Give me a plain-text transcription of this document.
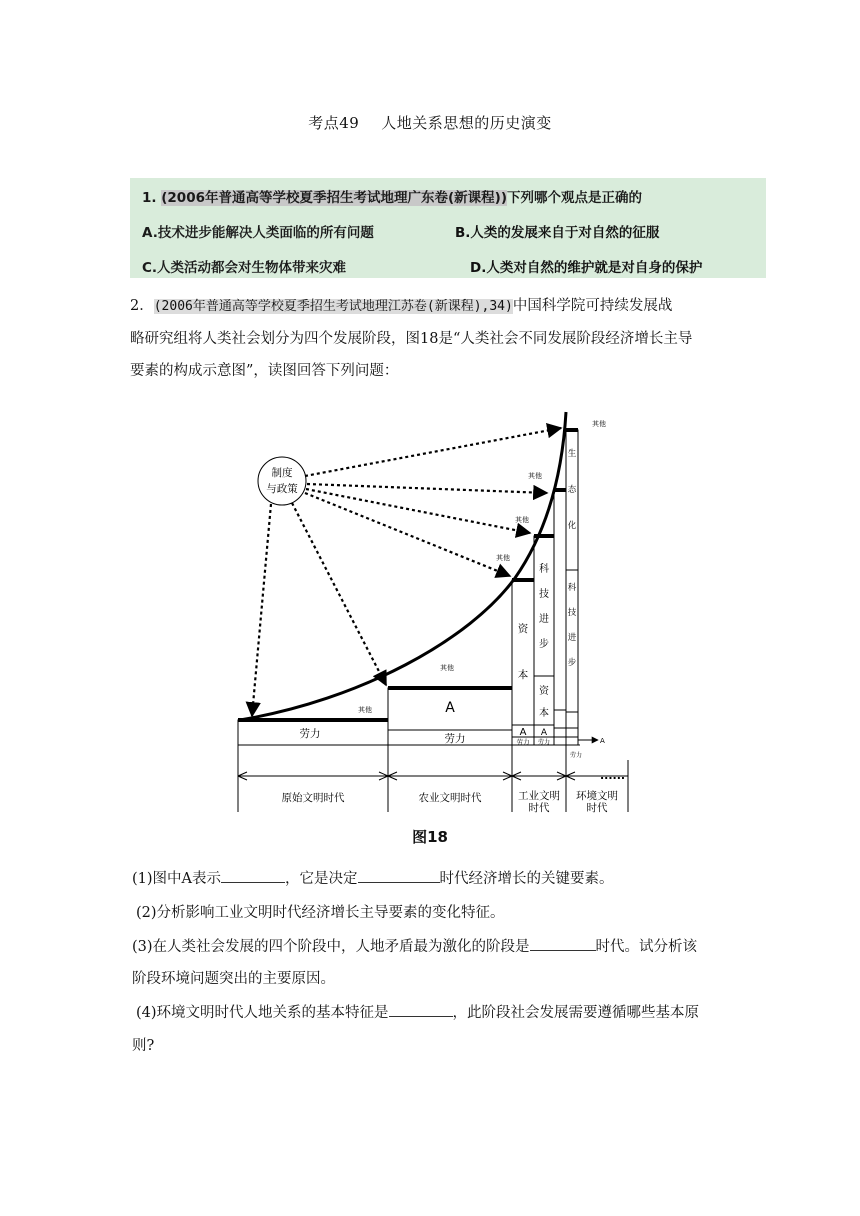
考点49 人地关系思想的历史演变
1. (2006年普通高等学校夏季招生考试地理广东卷(新课程))下列哪个观点是正确的
A.技术进步能解决人类面临的所有问题	B.人类的发展来自于对自然的征服
C.人类活动都会对生物体带来灾难	D.人类对自然的维护就是对自身的保护
2．(2006年普通高等学校夏季招生考试地理江苏卷(新课程),34)中国科学院可持续发展战
略研究组将人类社会划分为四个发展阶段，图18是“人类社会不同发展阶段经济增长主导
要素的构成示意图”，读图回答下列问题：
......
原始文明时代	农业文明时代	工业文明
时代
环境文明
时代
劳力
其他	A
劳力
其他
资
本
A
劳力
其他
科
技
进
步
资
本
A
劳力
其他
其他
生
态
化
科
技
进
步
其他
A
劳力
制度
与政策
图18
(1)图中A表示	，它是决定	时代经济增长的关键要素。
(2)分析影响工业文明时代经济增长主导要素的变化特征。
(3)在人类社会发展的四个阶段中，人地矛盾最为激化的阶段是	时代。试分析该
阶段环境问题突出的主要原因。
(4)环境文明时代人地关系的基本特征是	，此阶段社会发展需要遵循哪些基本原
则?
